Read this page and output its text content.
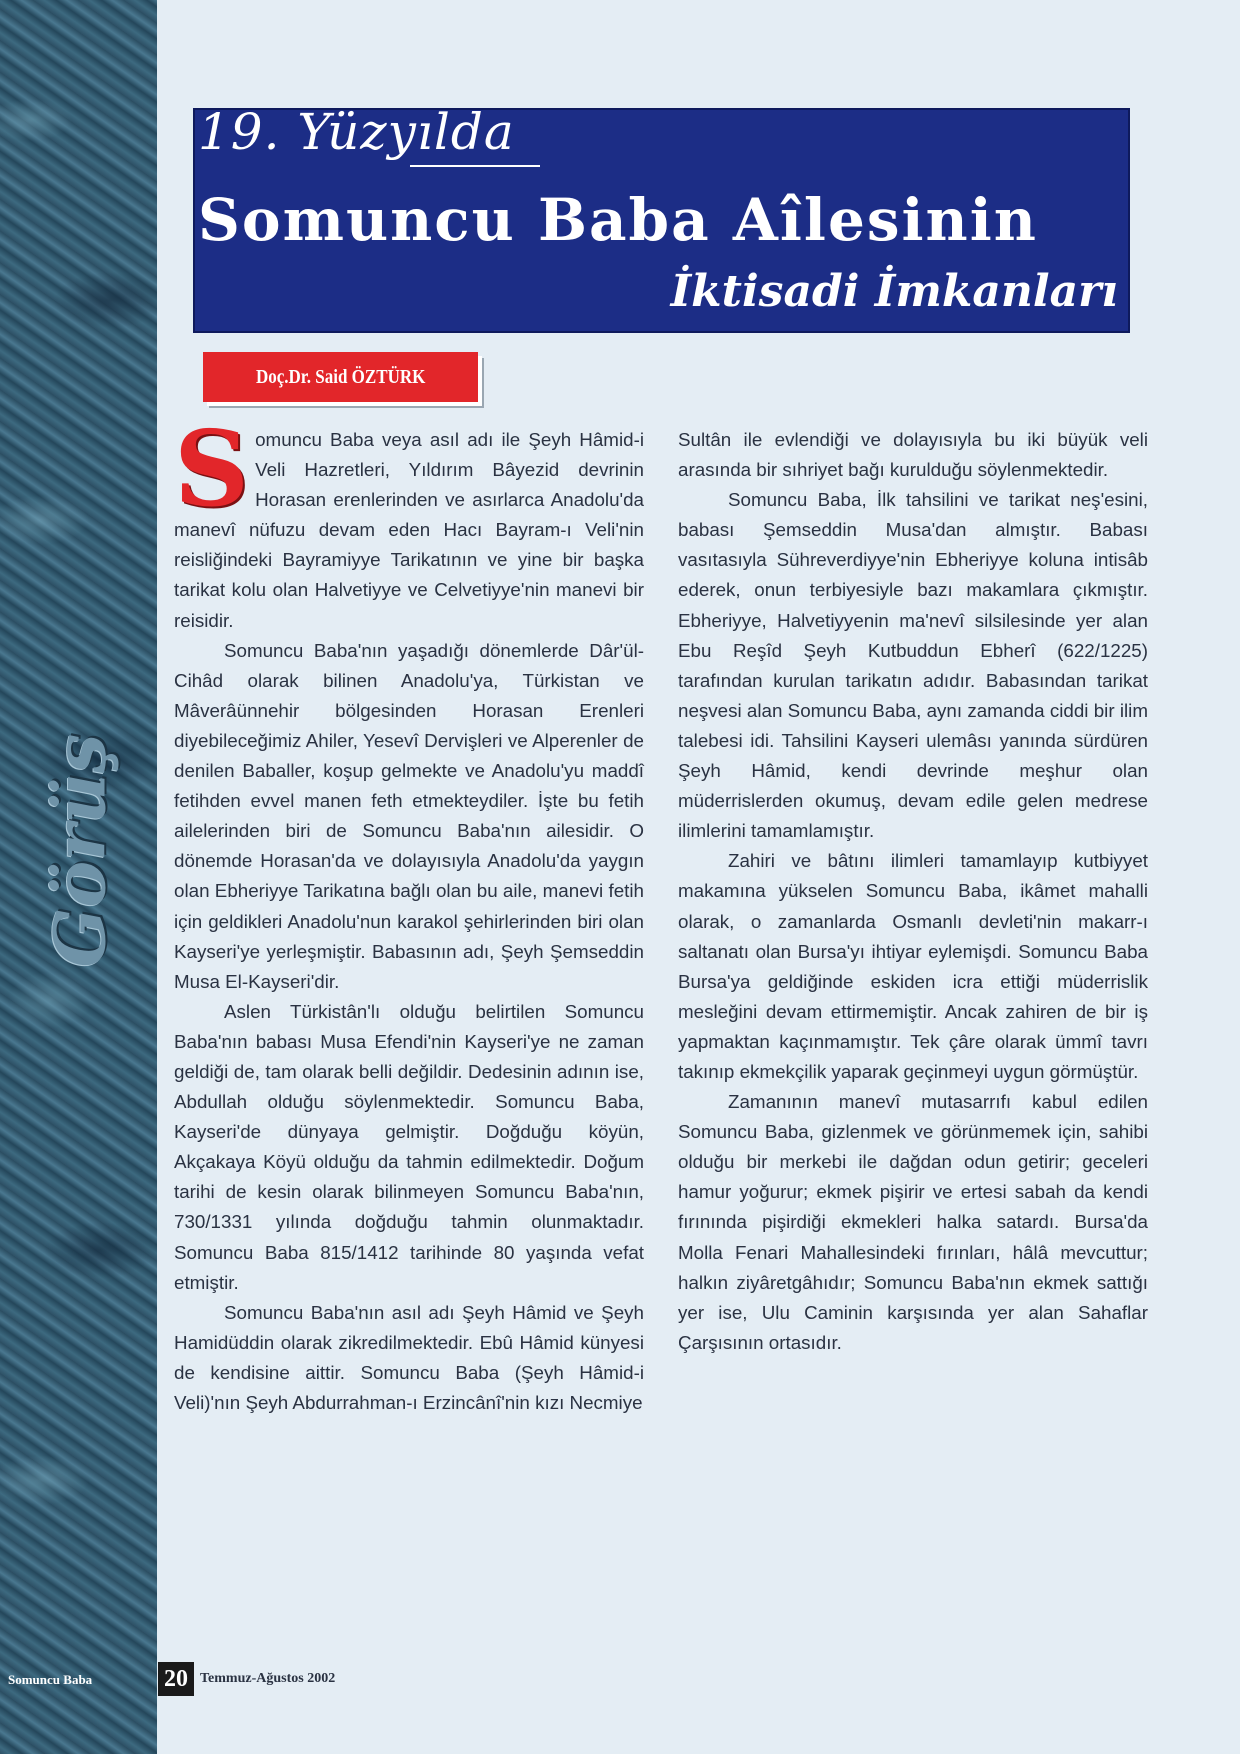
Görüş
19. Yüzyılda
Somuncu Baba Aîlesinin
İktisadi İmkanları
Doç.Dr. Said ÖZTÜRK

Somuncu Baba veya asıl adı ile Şeyh Hâmid-i Veli Hazretleri, Yıldırım Bâyezid devrinin Horasan erenlerinden ve asırlarca Anadolu'da manevî nüfuzu devam eden Hacı Bayram-ı Veli'nin reisliğindeki Bayramiyye Tarikatının ve yine bir başka tarikat kolu olan Halvetiyye ve Celvetiyye'nin manevi bir reisidir.

Somuncu Baba'nın yaşadığı dönemlerde Dâr'ül-Cihâd olarak bilinen Anadolu'ya, Türkistan ve Mâverâünnehir bölgesinden Horasan Erenleri diyebileceğimiz Ahiler, Yesevî Dervişleri ve Alperenler de denilen Baballer, koşup gelmekte ve Anadolu'yu maddî fetihden evvel manen feth etmekteydiler. İşte bu fetih ailelerinden biri de Somuncu Baba'nın ailesidir. O dönemde Horasan'da ve dolayısıyla Anadolu'da yaygın olan Ebheriyye Tarikatına bağlı olan bu aile, manevi fetih için geldikleri Anadolu'nun karakol şehirlerinden biri olan Kayseri'ye yerleşmiştir. Babasının adı, Şeyh Şemseddin Musa El-Kayseri'dir.

Aslen Türkistân'lı olduğu belirtilen Somuncu Baba'nın babası Musa Efendi'nin Kayseri'ye ne zaman geldiği de, tam olarak belli değildir. Dedesinin adının ise, Abdullah olduğu söylenmektedir. Somuncu Baba, Kayseri'de dünyaya gelmiştir. Doğduğu köyün, Akçakaya Köyü olduğu da tahmin edilmektedir. Doğum tarihi de kesin olarak bilinmeyen Somuncu Baba'nın, 730/1331 yılında doğduğu tahmin olunmaktadır. Somuncu Baba 815/1412 tarihinde 80 yaşında vefat etmiştir.

Somuncu Baba'nın asıl adı Şeyh Hâmid ve Şeyh Hamidüddin olarak zikredilmektedir. Ebû Hâmid künyesi de kendisine aittir. Somuncu Baba (Şeyh Hâmid-i Veli)'nın Şeyh Abdurrahman-ı Erzincânî'nin kızı Necmiye

Sultân ile evlendiği ve dolayısıyla bu iki büyük veli arasında bir sıhriyet bağı kurulduğu söylenmektedir.

Somuncu Baba, İlk tahsilini ve tarikat neş'esini, babası Şemseddin Musa'dan almıştır. Babası vasıtasıyla Sühreverdiyye'nin Ebheriyye koluna intisâb ederek, onun terbiyesiyle bazı makamlara çıkmıştır. Ebheriyye, Halvetiyyenin ma'nevî silsilesinde yer alan Ebu Reşîd Şeyh Kutbuddun Ebherî (622/1225) tarafından kurulan tarikatın adıdır. Babasından tarikat neşvesi alan Somuncu Baba, aynı zamanda ciddi bir ilim talebesi idi. Tahsilini Kayseri ulemâsı yanında sürdüren Şeyh Hâmid, kendi devrinde meşhur olan müderrislerden okumuş, devam edile gelen medrese ilimlerini tamamlamıştır.

Zahiri ve bâtını ilimleri tamamlayıp kutbiyyet makamına yükselen Somuncu Baba, ikâmet mahalli olarak, o zamanlarda Osmanlı devleti'nin makarr-ı saltanatı olan Bursa'yı ihtiyar eylemişdi. Somuncu Baba Bursa'ya geldiğinde eskiden icra ettiği müderrislik mesleğini devam ettirmemiştir. Ancak zahiren de bir iş yapmaktan kaçınmamıştır. Tek çâre olarak ümmî tavrı takınıp ekmekçilik yaparak geçinmeyi uygun görmüştür.

Zamanının manevî mutasarrıfı kabul edilen Somuncu Baba, gizlenmek ve görünmemek için, sahibi olduğu bir merkebi ile dağdan odun getirir; geceleri hamur yoğurur; ekmek pişirir ve ertesi sabah da kendi fırınında pişirdiği ekmekleri halka satardı. Bursa'da Molla Fenari Mahallesindeki fırınları, hâlâ mevcuttur; halkın ziyâretgâhıdır; Somuncu Baba'nın ekmek sattığı yer ise, Ulu Caminin karşısında yer alan Sahaflar Çarşısının ortasıdır.

Somuncu Baba	20 Temmuz-Ağustos 2002
